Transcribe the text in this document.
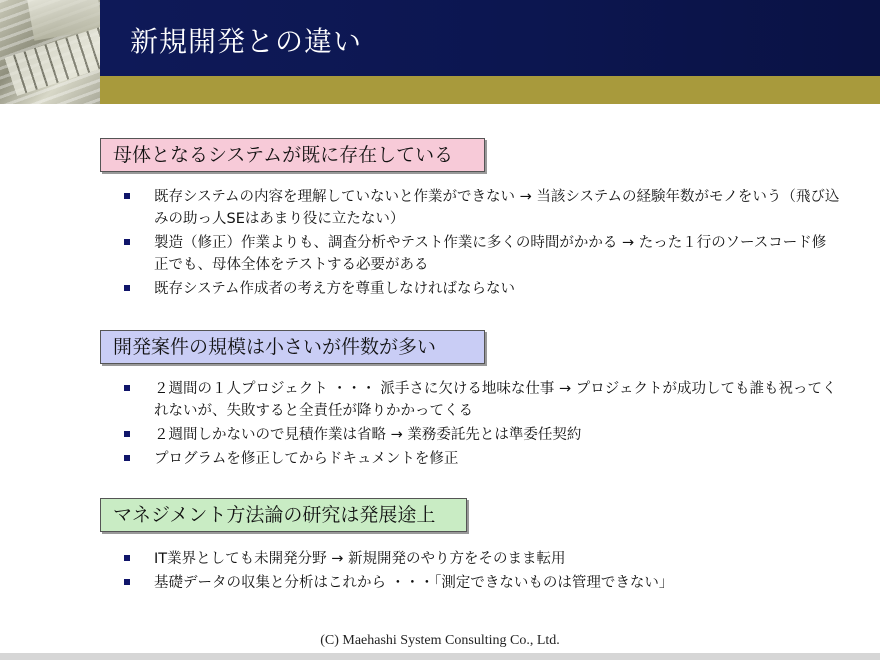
新規開発との違い
母体となるシステムが既に存在している
既存システムの内容を理解していないと作業ができない → 当該システムの経験年数がモノをいう（飛び込みの助っ人SEはあまり役に立たない）
製造（修正）作業よりも、調査分析やテスト作業に多くの時間がかかる → たった１行のソースコード修正でも、母体全体をテストする必要がある
既存システム作成者の考え方を尊重しなければならない
開発案件の規模は小さいが件数が多い
２週間の１人プロジェクト ・・・ 派手さに欠ける地味な仕事 → プロジェクトが成功しても誰も祝ってくれないが、失敗すると全責任が降りかかってくる
２週間しかないので見積作業は省略 → 業務委託先とは準委任契約
プログラムを修正してからドキュメントを修正
マネジメント方法論の研究は発展途上
IT業界としても未開発分野 → 新規開発のやり方をそのまま転用
基礎データの収集と分析はこれから ・・・「測定できないものは管理できない」
(C) Maehashi System Consulting Co., Ltd.
